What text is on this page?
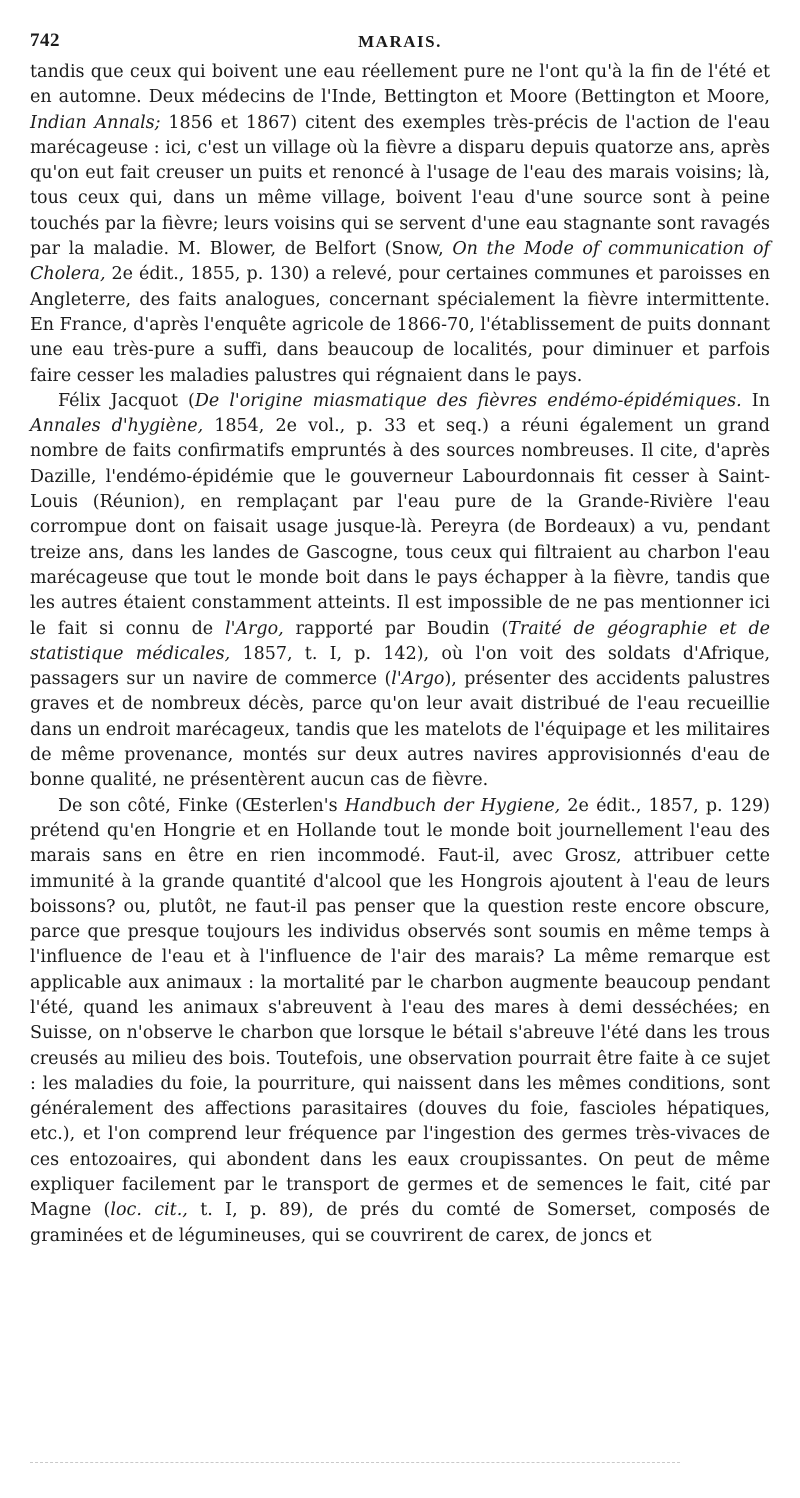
742	MARAIS.

tandis que ceux qui boivent une eau réellement pure ne l'ont qu'à la fin de l'été et en automne. Deux médecins de l'Inde, Bettington et Moore (Bettington et Moore, Indian Annals; 1856 et 1867) citent des exemples très-précis de l'action de l'eau marécageuse : ici, c'est un village où la fièvre a disparu depuis quatorze ans, après qu'on eut fait creuser un puits et renoncé à l'usage de l'eau des marais voisins; là, tous ceux qui, dans un même village, boivent l'eau d'une source sont à peine touchés par la fièvre; leurs voisins qui se servent d'une eau stagnante sont ravagés par la maladie. M. Blower, de Belfort (Snow, On the Mode of communication of Cholera, 2e édit., 1855, p. 130) a relevé, pour certaines communes et paroisses en Angleterre, des faits analogues, concernant spécialement la fièvre intermittente. En France, d'après l'enquête agricole de 1866-70, l'établissement de puits donnant une eau très-pure a suffi, dans beaucoup de localités, pour diminuer et parfois faire cesser les maladies palustres qui régnaient dans le pays.

Félix Jacquot (De l'origine miasmatique des fièvres endémo-épidémiques. In Annales d'hygiène, 1854, 2e vol., p. 33 et seq.) a réuni également un grand nombre de faits confirmatifs empruntés à des sources nombreuses. Il cite, d'après Dazille, l'endémo-épidémie que le gouverneur Labourdonnais fit cesser à Saint-Louis (Réunion), en remplaçant par l'eau pure de la Grande-Rivière l'eau corrompue dont on faisait usage jusque-là. Pereyra (de Bordeaux) a vu, pendant treize ans, dans les landes de Gascogne, tous ceux qui filtraient au charbon l'eau marécageuse que tout le monde boit dans le pays échapper à la fièvre, tandis que les autres étaient constamment atteints. Il est impossible de ne pas mentionner ici le fait si connu de l'Argo, rapporté par Boudin (Traité de géographie et de statistique médicales, 1857, t. I, p. 142), où l'on voit des soldats d'Afrique, passagers sur un navire de commerce (l'Argo), présenter des accidents palustres graves et de nombreux décès, parce qu'on leur avait distribué de l'eau recueillie dans un endroit marécageux, tandis que les matelots de l'équipage et les militaires de même provenance, montés sur deux autres navires approvisionnés d'eau de bonne qualité, ne présentèrent aucun cas de fièvre.

De son côté, Finke (Œsterlen's Handbuch der Hygiene, 2e édit., 1857, p. 129) prétend qu'en Hongrie et en Hollande tout le monde boit journellement l'eau des marais sans en être en rien incommodé. Faut-il, avec Grosz, attribuer cette immunité à la grande quantité d'alcool que les Hongrois ajoutent à l'eau de leurs boissons? ou, plutôt, ne faut-il pas penser que la question reste encore obscure, parce que presque toujours les individus observés sont soumis en même temps à l'influence de l'eau et à l'influence de l'air des marais? La même remarque est applicable aux animaux : la mortalité par le charbon augmente beaucoup pendant l'été, quand les animaux s'abreuvent à l'eau des mares à demi desséchées; en Suisse, on n'observe le charbon que lorsque le bétail s'abreuve l'été dans les trous creusés au milieu des bois. Toutefois, une observation pourrait être faite à ce sujet : les maladies du foie, la pourriture, qui naissent dans les mêmes conditions, sont généralement des affections parasitaires (douves du foie, fascioles hépatiques, etc.), et l'on comprend leur fréquence par l'ingestion des germes très-vivaces de ces entozoaires, qui abondent dans les eaux croupissantes. On peut de même expliquer facilement par le transport de germes et de semences le fait, cité par Magne (loc. cit., t. I, p. 89), de prés du comté de Somerset, composés de graminées et de légumineuses, qui se couvrirent de carex, de joncs et
